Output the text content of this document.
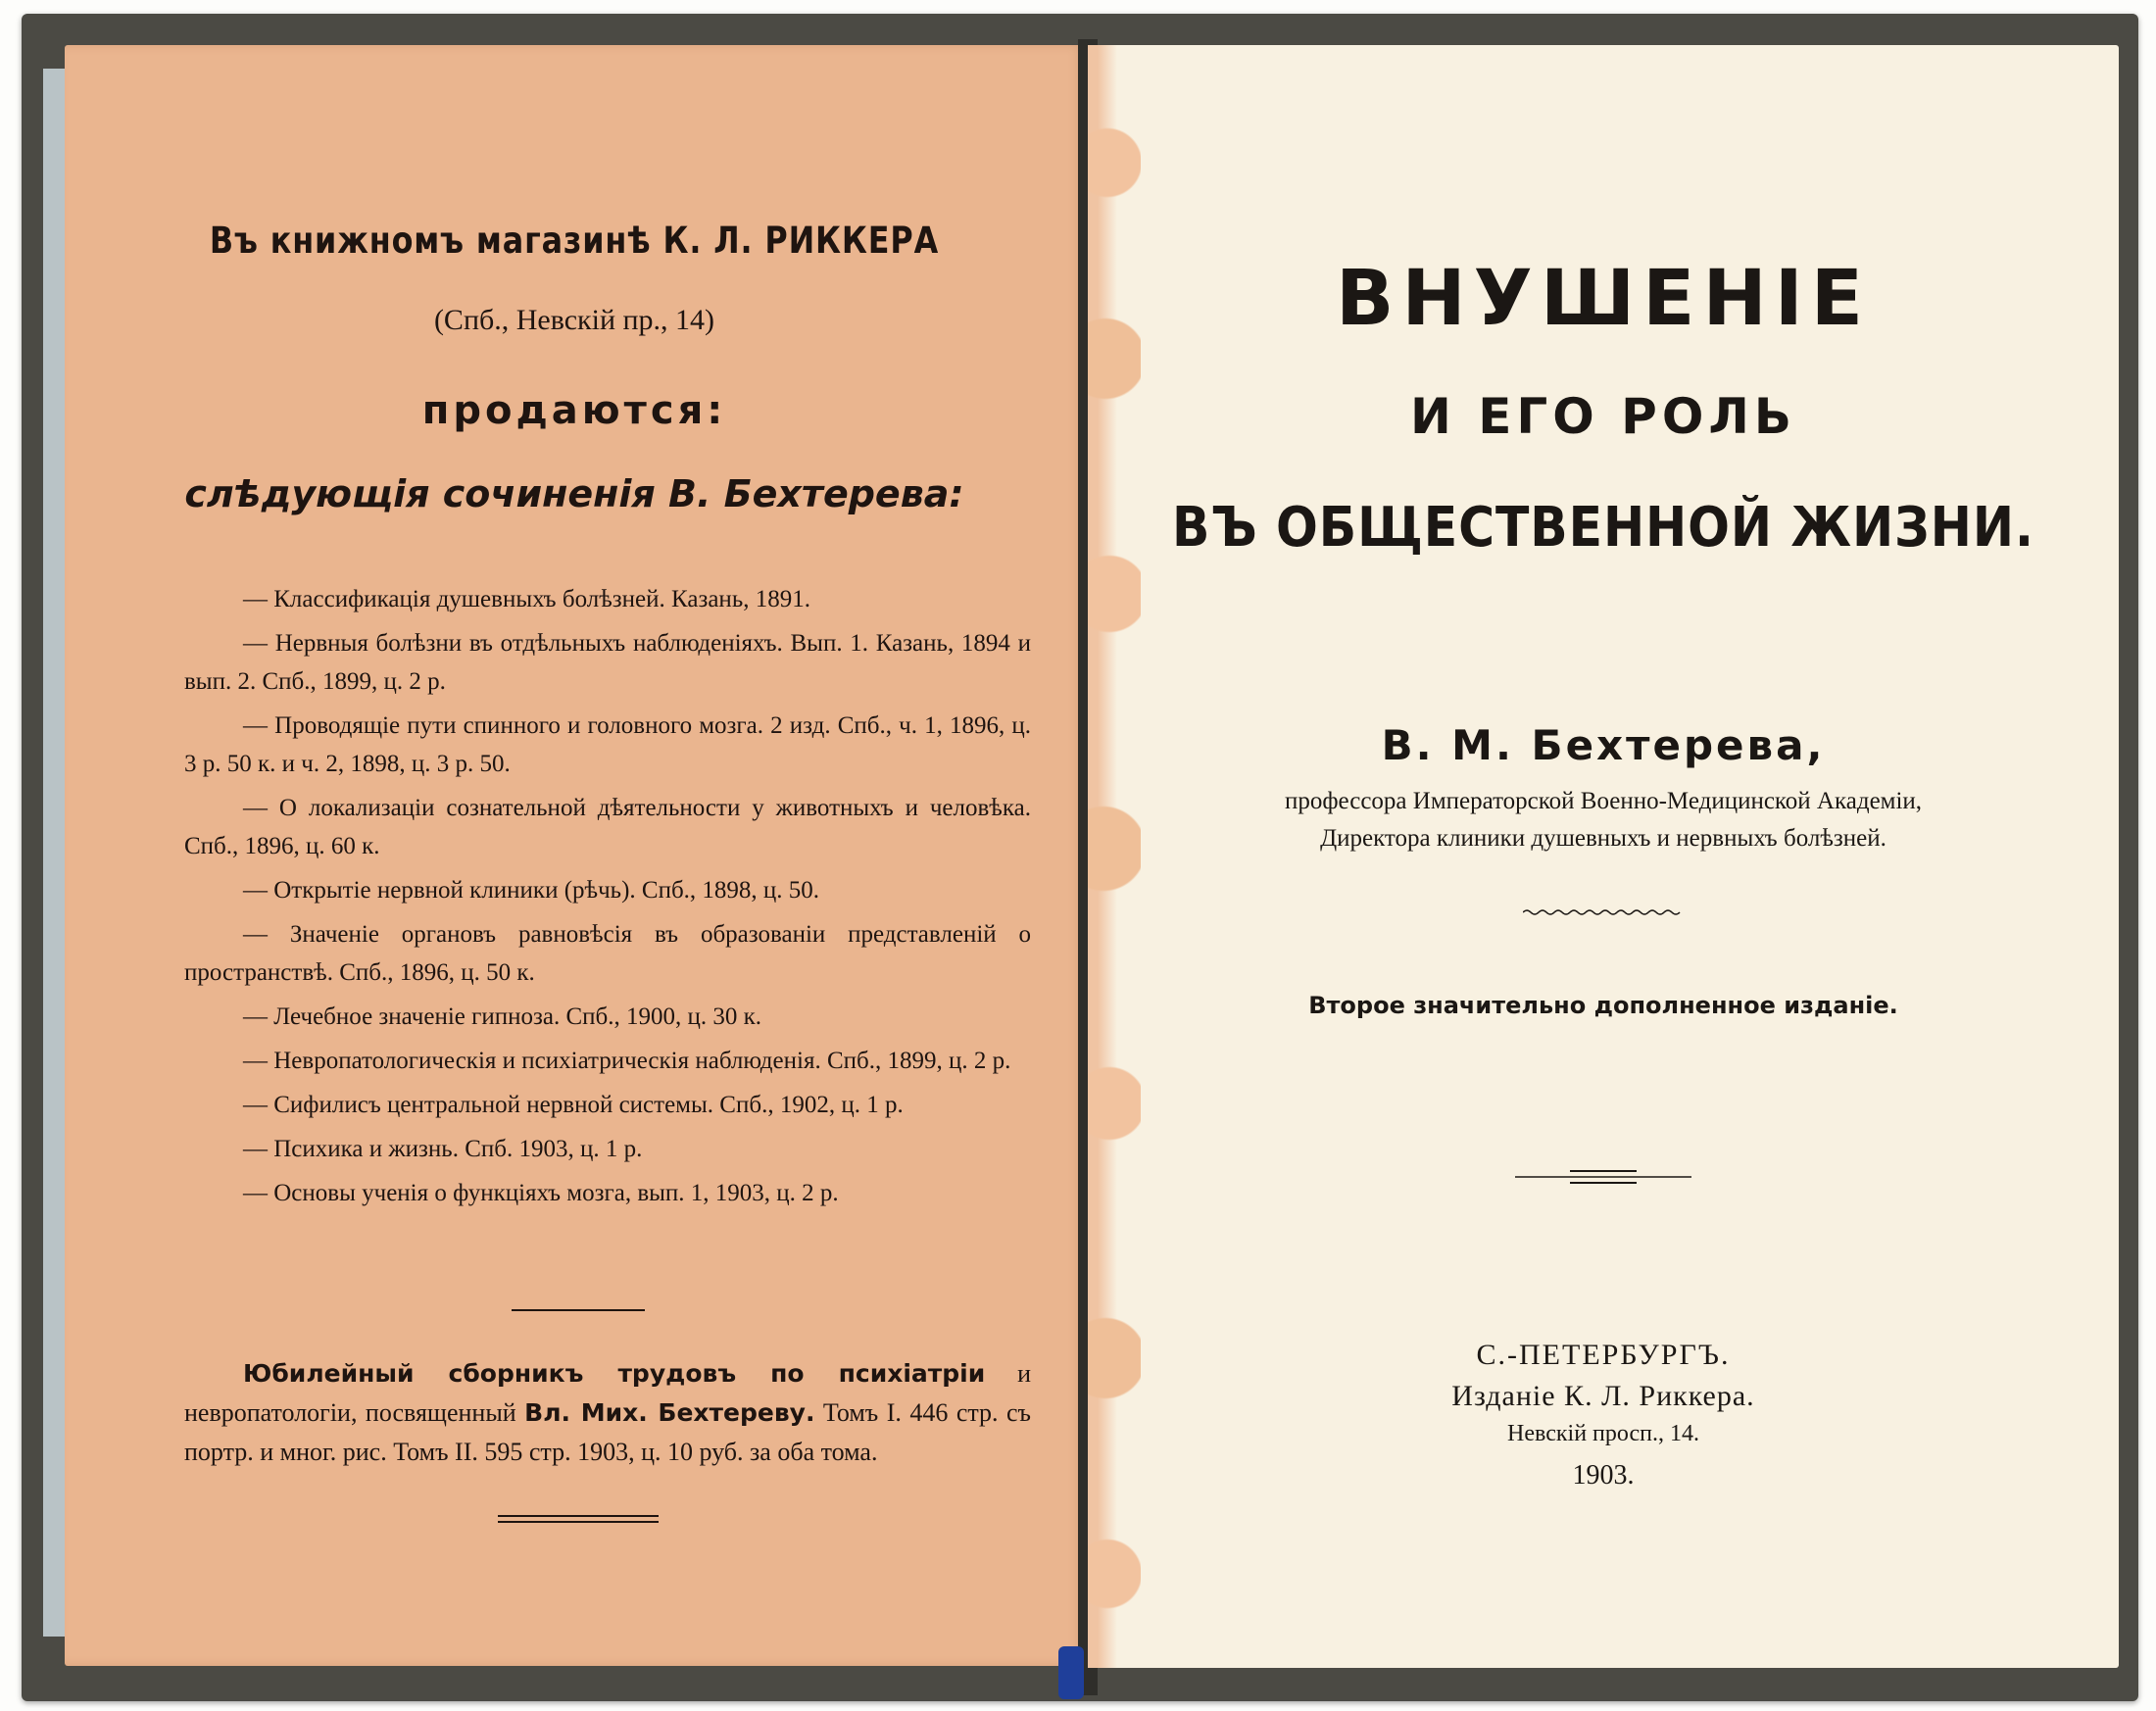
Въ книжномъ магазинѣ К. Л. РИККЕРА

(Спб., Невскій пр., 14)

продаются:

слѣдующія сочиненія В. Бехтерева:

— Классификація душевныхъ болѣзней. Казань, 1891.
— Нервныя болѣзни въ отдѣльныхъ наблюденіяхъ. Вып. 1. Казань, 1894 и вып. 2. Спб., 1899, ц. 2 р.
— Проводящіе пути спинного и головного мозга. 2 изд. Спб., ч. 1, 1896, ц. 3 р. 50 к. и ч. 2, 1898, ц. 3 р. 50.
— О локализаціи сознательной дѣятельности у животныхъ и человѣка. Спб., 1896, ц. 60 к.
— Открытіе нервной клиники (рѣчь). Спб., 1898, ц. 50.
— Значеніе органовъ равновѣсія въ образованіи представленій о пространствѣ. Спб., 1896, ц. 50 к.
— Лечебное значеніе гипноза. Спб., 1900, ц. 30 к.
— Невропатологическія и психіатрическія наблюденія. Спб., 1899, ц. 2 р.
— Сифилисъ центральной нервной системы. Спб., 1902, ц. 1 р.
— Психика и жизнь. Спб. 1903, ц. 1 р.
— Основы ученія о функціяхъ мозга, вып. 1, 1903, ц. 2 р.

Юбилейный сборникъ трудовъ по психіатріи и невропатологіи, посвященный Вл. Мих. Бехтереву. Томъ I. 446 стр. съ портр. и мног. рис. Томъ II. 595 стр. 1903, ц. 10 руб. за оба тома.

ВНУШЕНІЕ

И ЕГО РОЛЬ

ВЪ ОБЩЕСТВЕННОЙ ЖИЗНИ.

В. М. Бехтерева,

профессора Императорской Военно-Медицинской Академіи,

Директора клиники душевныхъ и нервныхъ болѣзней.

Второе значительно дополненное изданіе.

С.-ПЕТЕРБУРГЪ.

Изданіе К. Л. Риккера.

Невскій просп., 14.

1903.
